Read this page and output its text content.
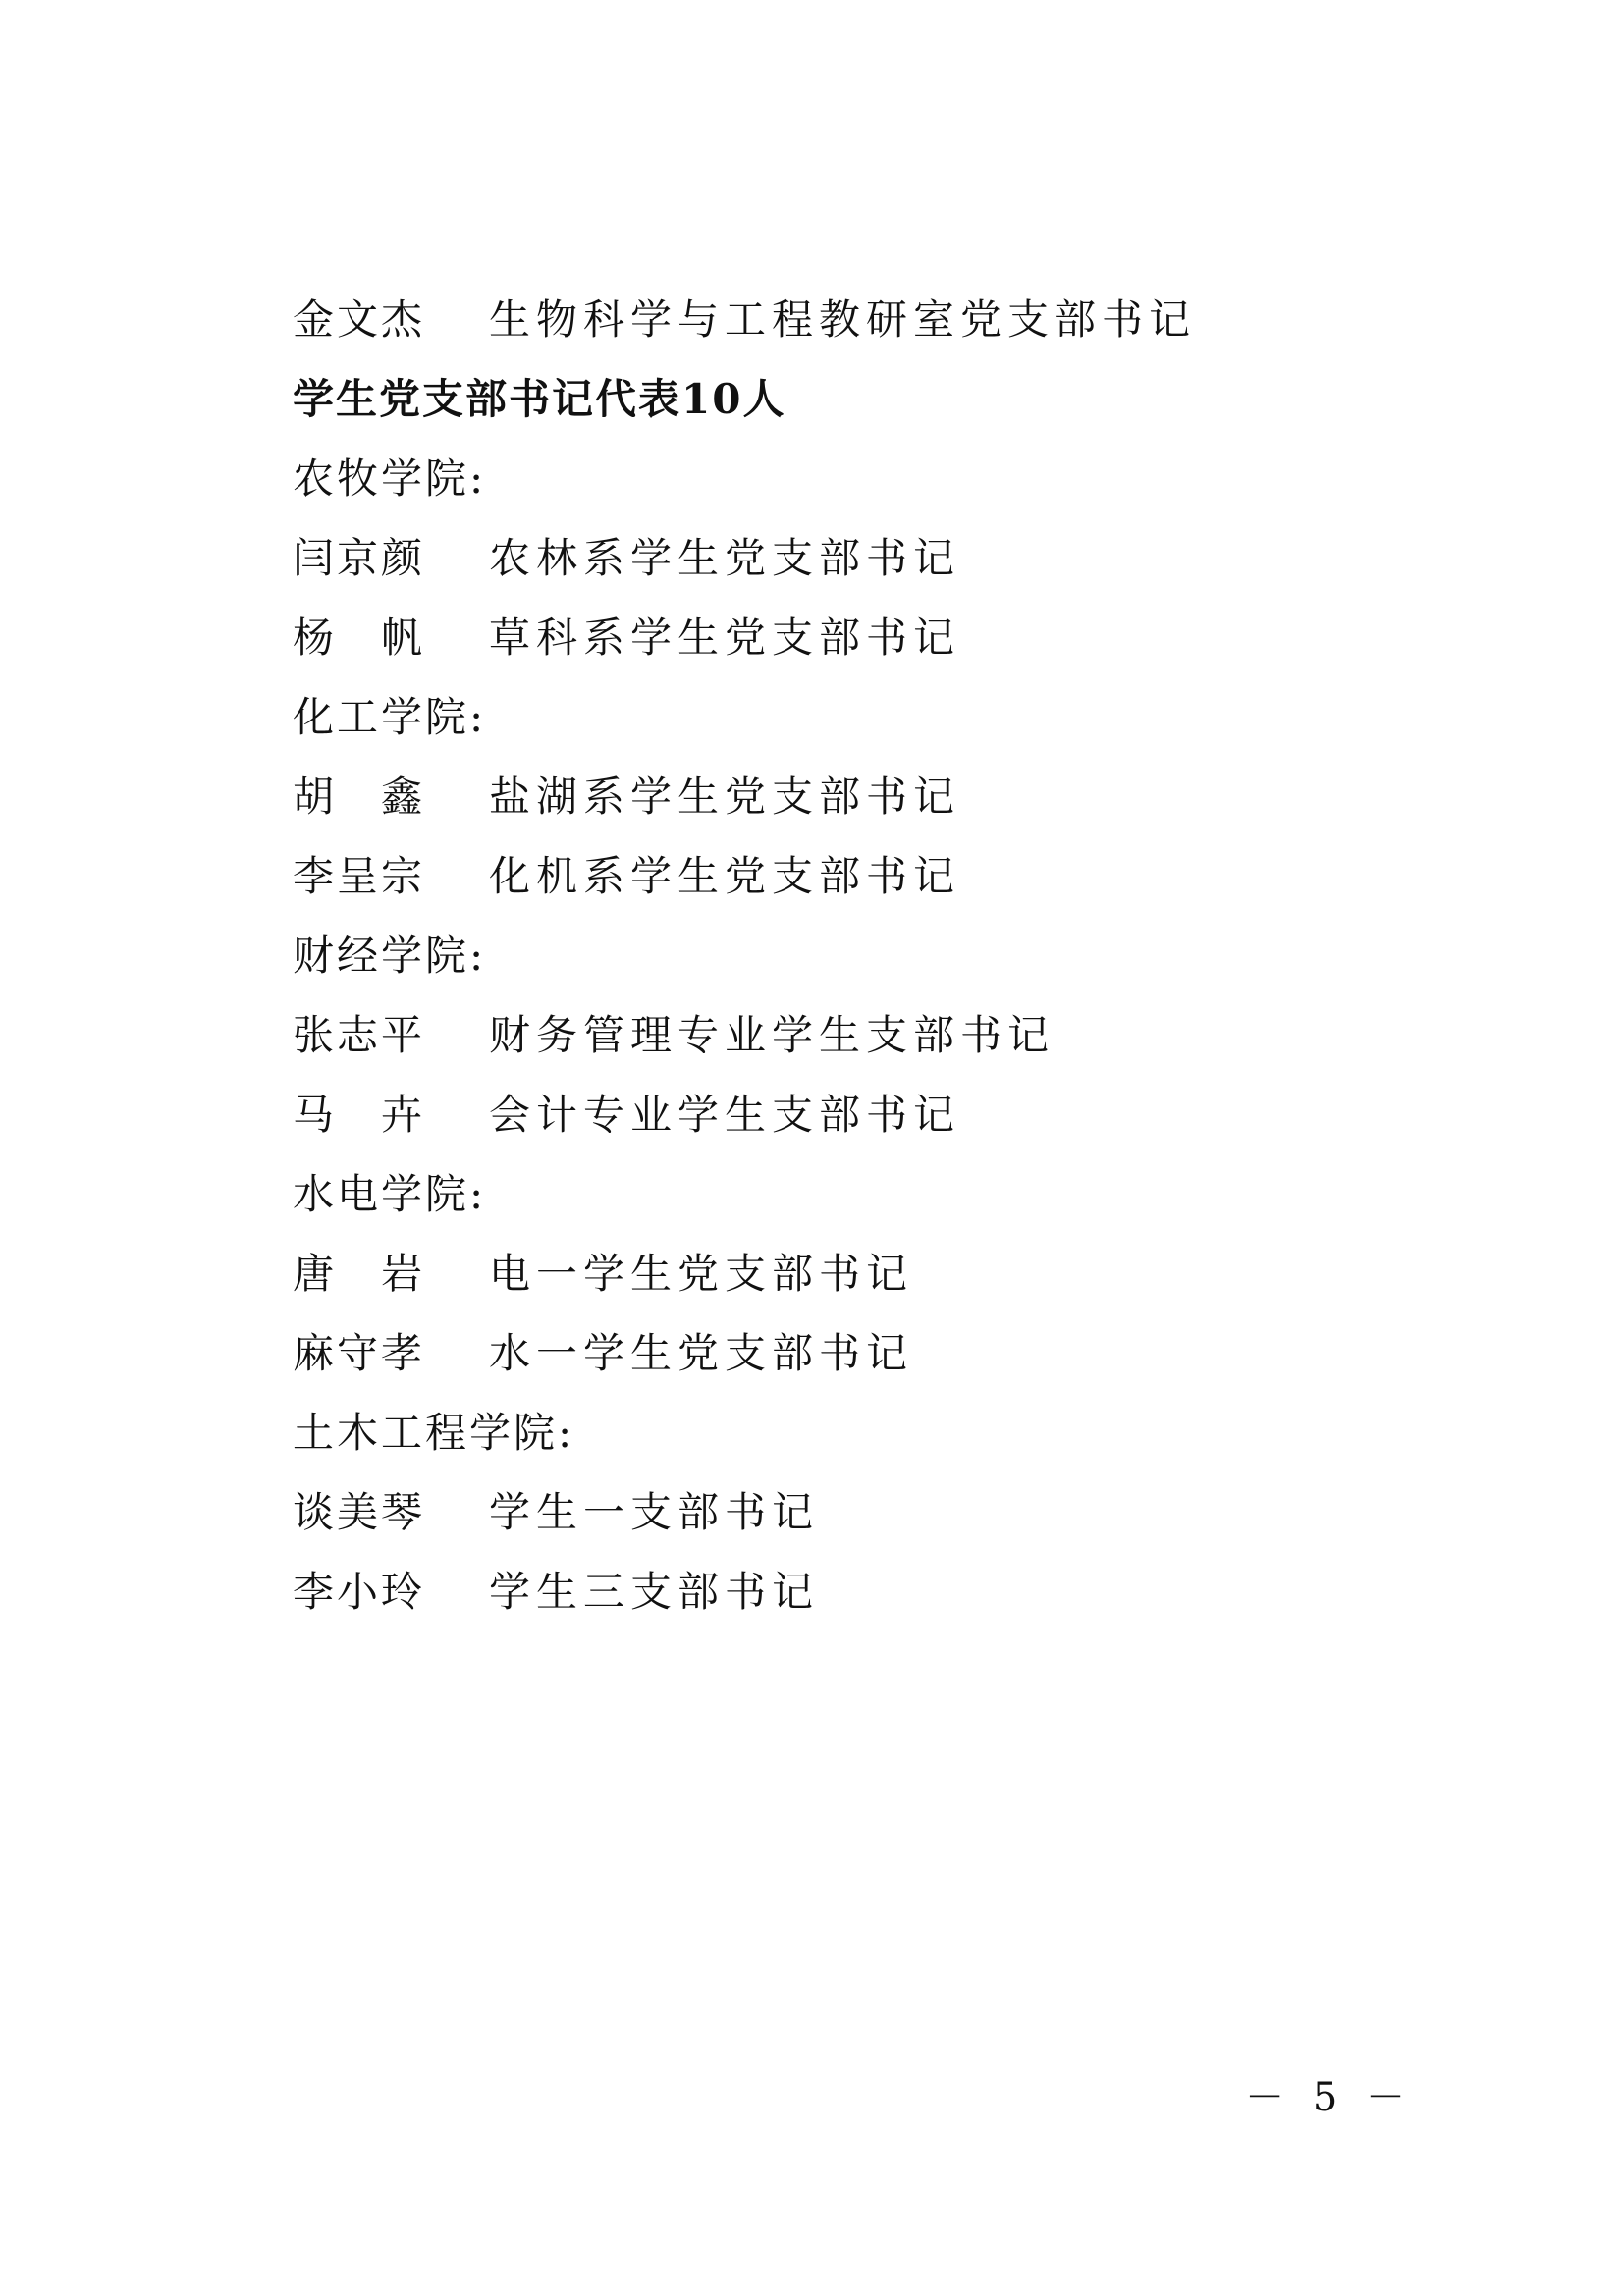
金文杰	生物科学与工程教研室党支部书记
学生党支部书记代表10人
农牧学院:
闫京颜	农林系学生党支部书记
杨　帆	草科系学生党支部书记
化工学院:
胡　鑫	盐湖系学生党支部书记
李呈宗	化机系学生党支部书记
财经学院:
张志平	财务管理专业学生支部书记
马　卉	会计专业学生支部书记
水电学院:
唐　岩	电一学生党支部书记
麻守孝	水一学生党支部书记
土木工程学院:
谈美琴	学生一支部书记
李小玲	学生三支部书记
－ 5 －
